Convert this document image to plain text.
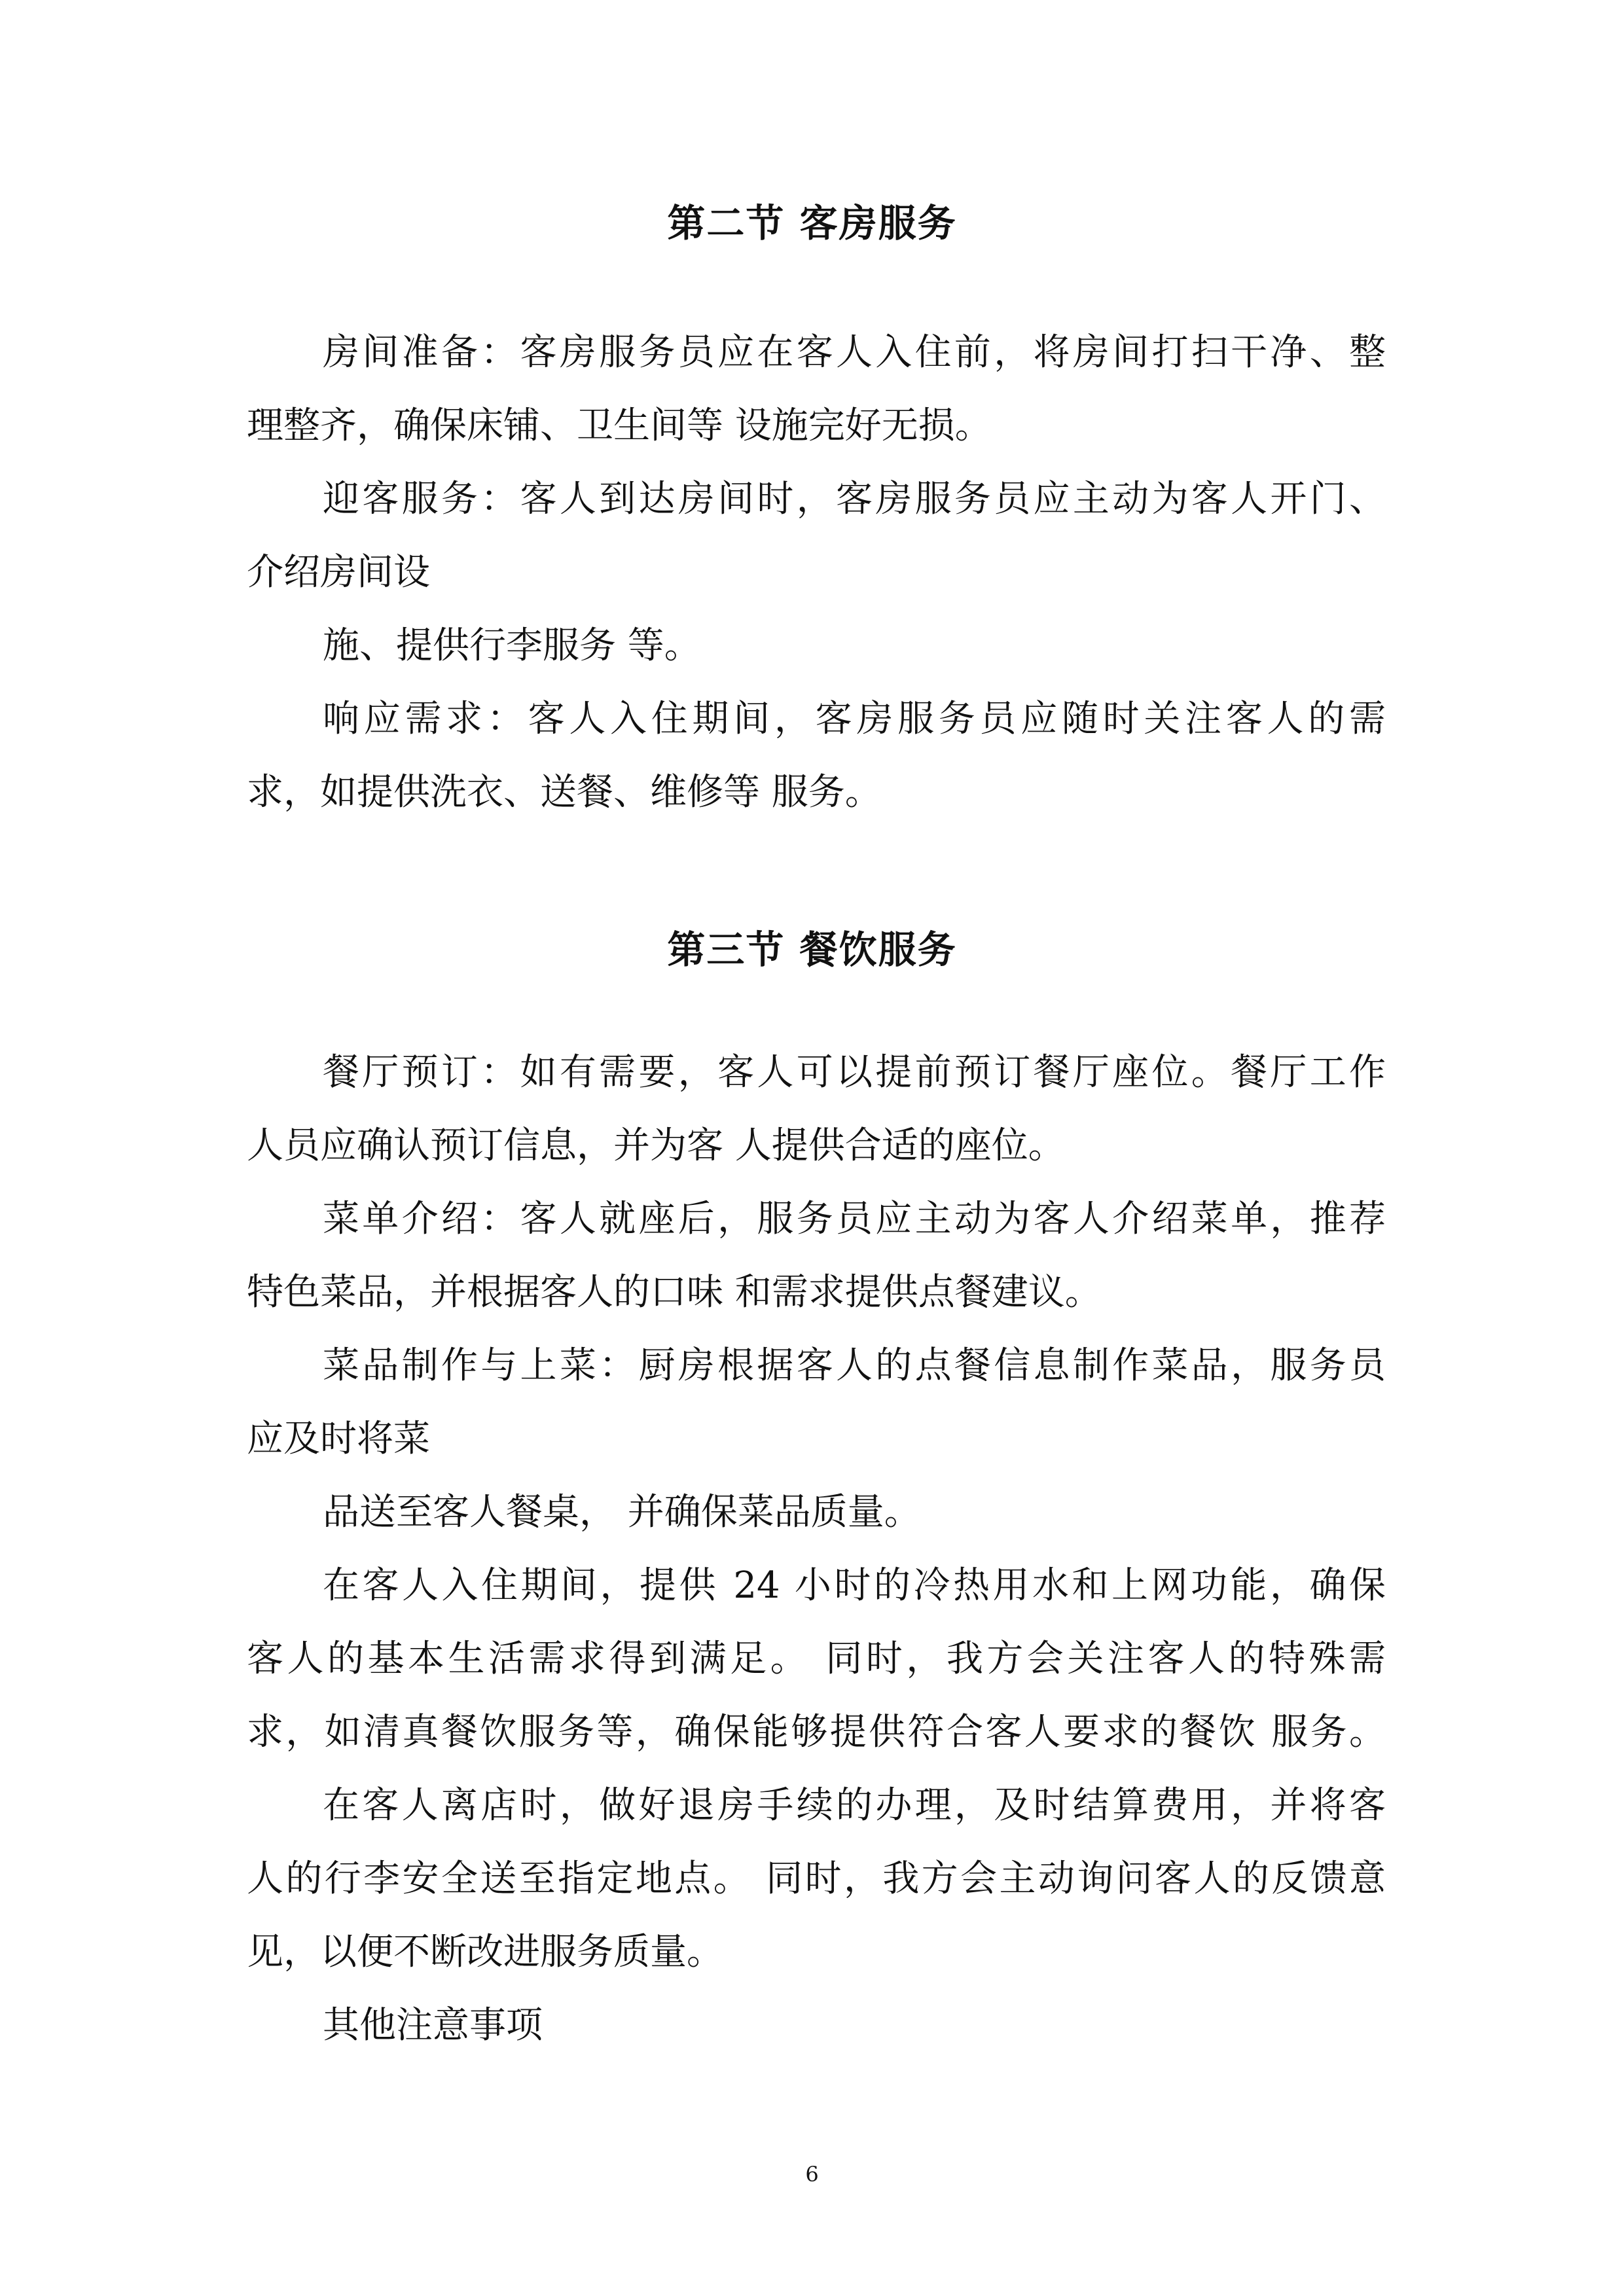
第二节 客房服务

房间准备：客房服务员应在客人入住前，将房间打扫干净、整

理整齐，确保床铺、卫生间等 设施完好无损。

迎客服务：客人到达房间时，客房服务员应主动为客人开门、

介绍房间设

施、提供行李服务 等。

响应需求：客人入住期间，客房服务员应随时关注客人的需

求，如提供洗衣、送餐、维修等 服务。

第三节 餐饮服务

餐厅预订：如有需要，客人可以提前预订餐厅座位。餐厅工作

人员应确认预订信息，并为客 人提供合适的座位。

菜单介绍：客人就座后，服务员应主动为客人介绍菜单，推荐

特色菜品，并根据客人的口味 和需求提供点餐建议。

菜品制作与上菜：厨房根据客人的点餐信息制作菜品，服务员

应及时将菜

品送至客人餐桌， 并确保菜品质量。

在客人入住期间，提供 24 小时的冷热用水和上网功能，确保

客人的基本生活需求得到满足。 同时，我方会关注客人的特殊需

求，如清真餐饮服务等，确保能够提供符合客人要求的餐饮 服务。

在客人离店时，做好退房手续的办理，及时结算费用，并将客

人的行李安全送至指定地点。 同时，我方会主动询问客人的反馈意

见，以便不断改进服务质量。

其他注意事项

6
